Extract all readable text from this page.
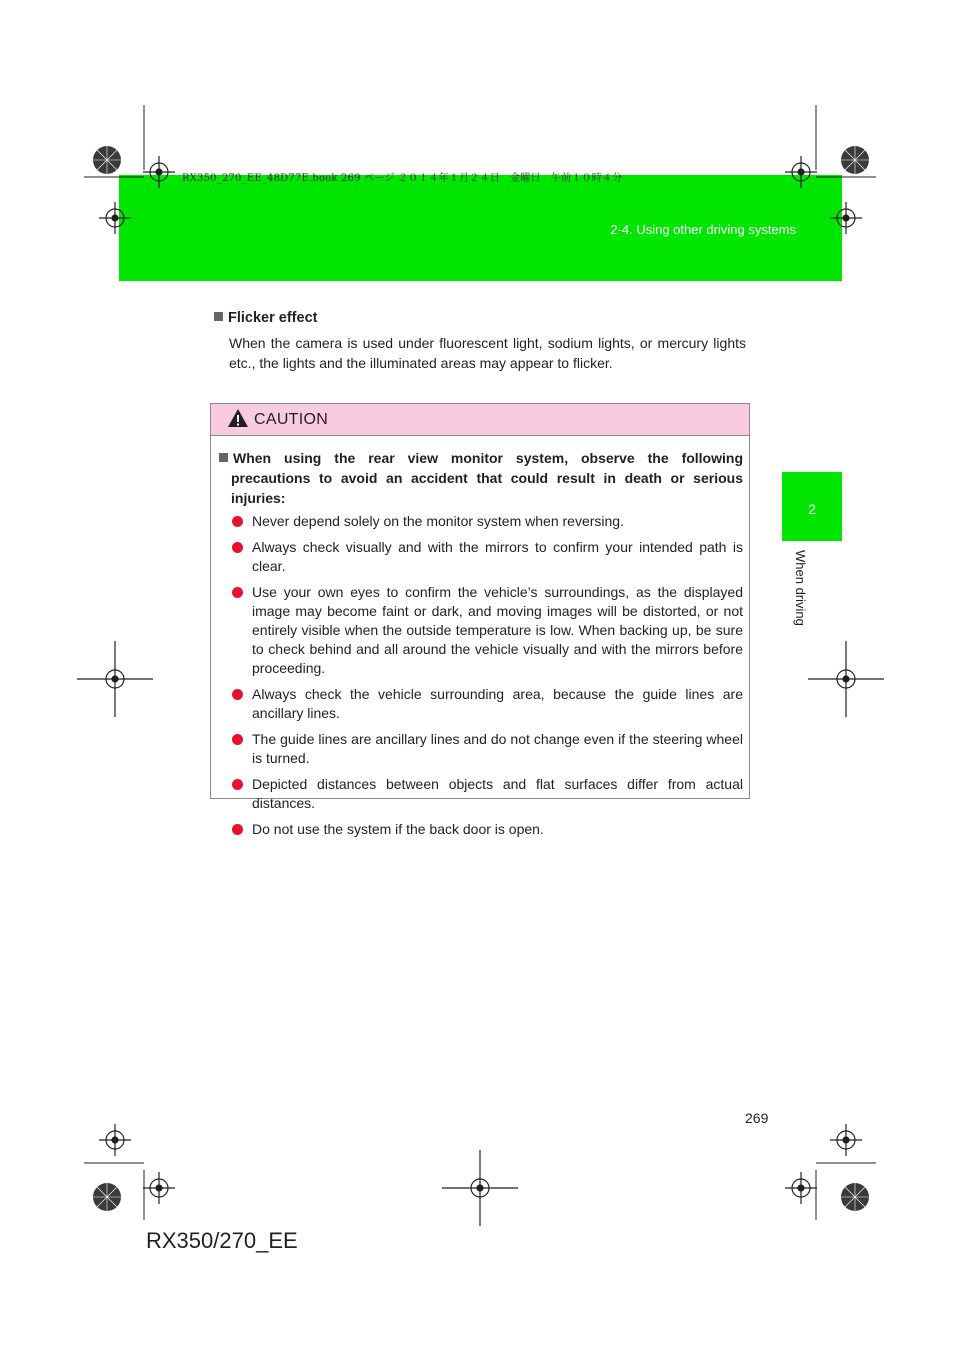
RX350_270_EE_48D77E.book 269 ページ ２０１４年１月２４日　金曜日　午前１０時４分
2-4. Using other driving systems
2
When driving

Flicker effect

When the camera is used under fluorescent light, sodium lights, or mercury lights etc., the lights and the illuminated areas may appear to flicker.

CAUTION

When using the rear view monitor system, observe the following precautions to avoid an accident that could result in death or serious injuries:

Never depend solely on the monitor system when reversing.
Always check visually and with the mirrors to confirm your intended path is clear.
Use your own eyes to confirm the vehicle’s surroundings, as the displayed image may become faint or dark, and moving images will be distorted, or not entirely visible when the outside temperature is low. When backing up, be sure to check behind and all around the vehicle visually and with the mirrors before proceeding.
Always check the vehicle surrounding area, because the guide lines are ancillary lines.
The guide lines are ancillary lines and do not change even if the steering wheel is turned.
Depicted distances between objects and flat surfaces differ from actual distances.
Do not use the system if the back door is open.
269
RX350/270_EE
